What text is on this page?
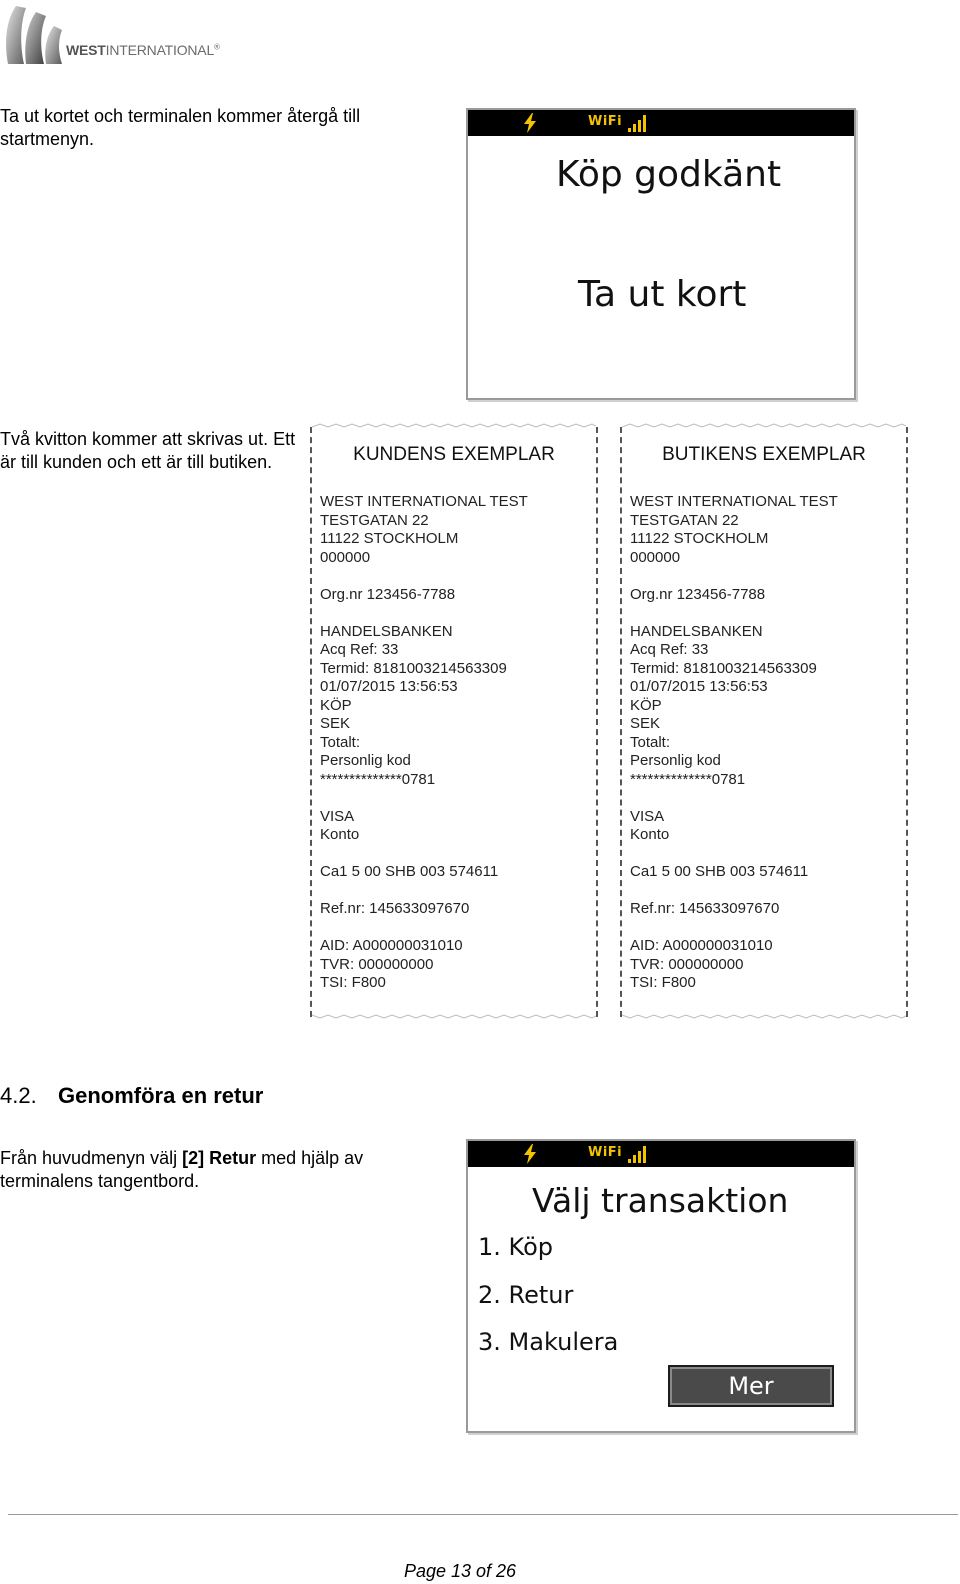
WESTINTERNATIONAL®
Ta ut kortet och terminalen kommer återgå till startmenyn.
WiFi
Köp godkänt
Ta ut kort
Två kvitton kommer att skrivas ut. Ett är till kunden och ett är till butiken.	KUNDENS EXEMPLAR
WEST INTERNATIONAL TEST
TESTGATAN 22
11122 STOCKHOLM
000000
Org.nr 123456-7788
HANDELSBANKEN
Acq Ref: 33
Termid: 8181003214563309
01/07/2015 13:56:53
KÖP
SEK
Totalt:
Personlig kod
**************0781
VISA
Konto
Ca1 5 00 SHB 003 574611
Ref.nr: 145633097670
AID: A000000031010
TVR: 000000000
TSI: F800
BUTIKENS EXEMPLAR
WEST INTERNATIONAL TEST
TESTGATAN 22
11122 STOCKHOLM
000000
Org.nr 123456-7788
HANDELSBANKEN
Acq Ref: 33
Termid: 8181003214563309
01/07/2015 13:56:53
KÖP
SEK
Totalt:
Personlig kod
**************0781
VISA
Konto
Ca1 5 00 SHB 003 574611
Ref.nr: 145633097670
AID: A000000031010
TVR: 000000000
TSI: F800
4.2. Genomföra en retur
Från huvudmenyn välj [2] Retur med hjälp av terminalens tangentbord.
WiFi
Välj transaktion
1. Köp
2. Retur
3. Makulera
Mer
Page 13 of 26
